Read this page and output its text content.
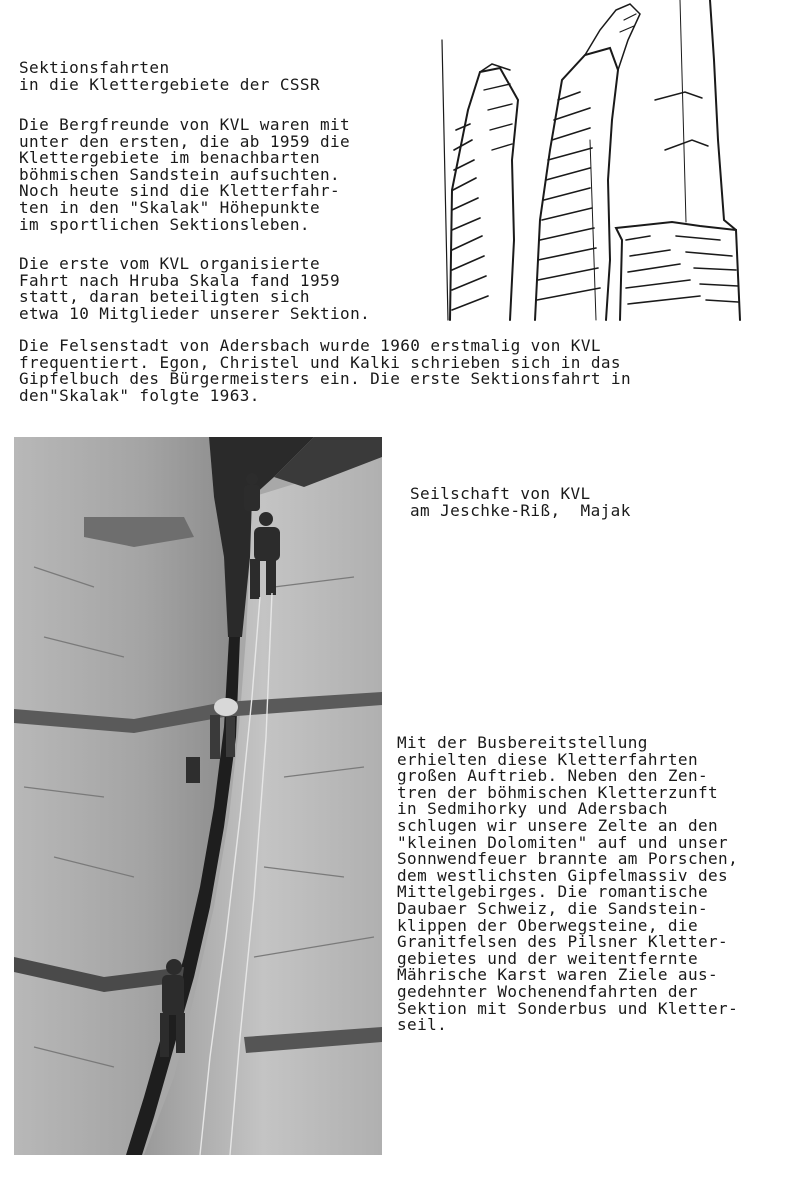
Sektionsfahrten
in die Klettergebiete der CSSR
Die Bergfreunde von KVL waren mit
unter den ersten, die ab 1959 die
Klettergebiete im benachbarten
böhmischen Sandstein aufsuchten.
Noch heute sind die Kletterfahr-
ten in den "Skalak" Höhepunkte
im sportlichen Sektionsleben.
Die erste vom KVL organisierte
Fahrt nach Hruba Skala fand 1959
statt, daran beteiligten sich
etwa 10 Mitglieder unserer Sektion.
Die Felsenstadt von Adersbach wurde 1960 erstmalig von KVL
frequentiert. Egon, Christel und Kalki schrieben sich in das
Gipfelbuch des Bürgermeisters ein. Die erste Sektionsfahrt in
den"Skalak" folgte 1963.
Seilschaft von KVL
am Jeschke-Riß,  Majak
Mit der Busbereitstellung
erhielten diese Kletterfahrten
großen Auftrieb. Neben den Zen-
tren der böhmischen Kletterzunft
in Sedmihorky und Adersbach
schlugen wir unsere Zelte an den
"kleinen Dolomiten" auf und unser
Sonnwendfeuer brannte am Porschen,
dem westlichsten Gipfelmassiv des
Mittelgebirges. Die romantische
Daubaer Schweiz, die Sandstein-
klippen der Oberwegsteine, die
Granitfelsen des Pilsner Kletter-
gebietes und der weitentfernte
Mährische Karst waren Ziele aus-
gedehnter Wochenendfahrten der
Sektion mit Sonderbus und Kletter-
seil.
